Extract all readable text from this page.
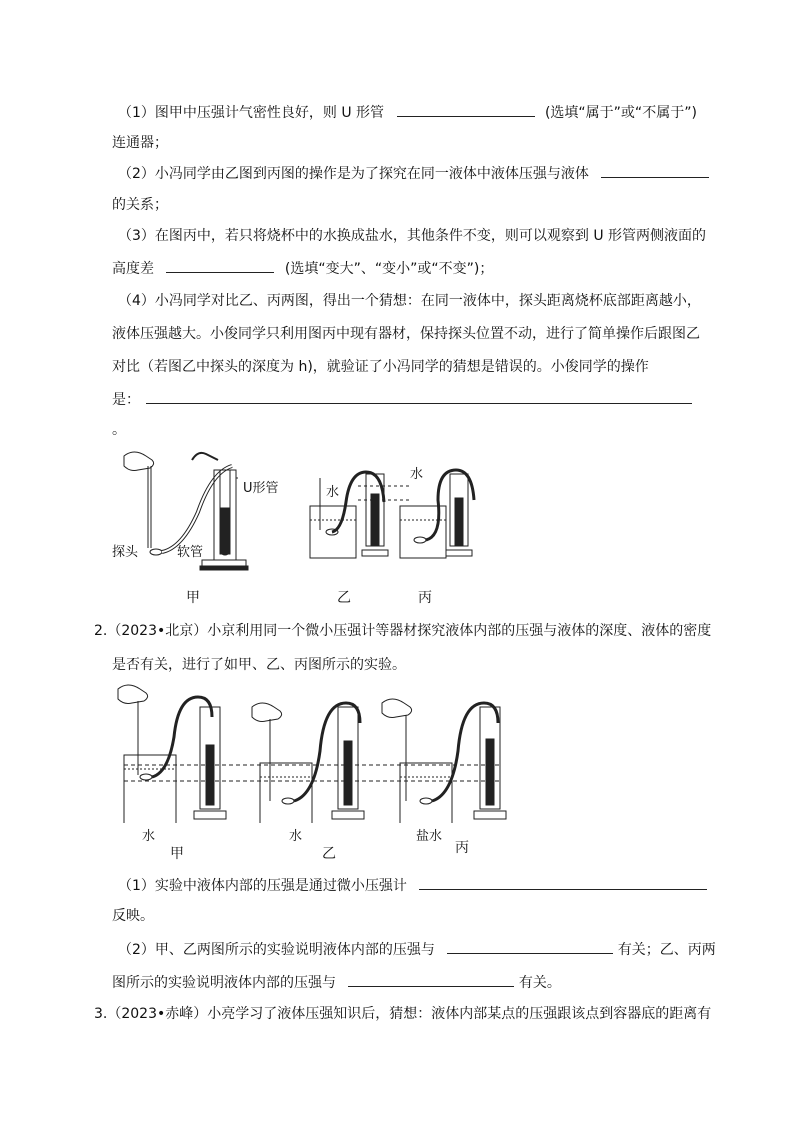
（1）图甲中压强计气密性良好，则 U 形管	(选填“属于”或“不属于”)
连通器；
（2）小冯同学由乙图到丙图的操作是为了探究在同一液体中液体压强与液体
的关系；
（3）在图丙中，若只将烧杯中的水换成盐水，其他条件不变，则可以观察到 U 形管两侧液面的
高度差	(选填“变大”、“变小”或“不变”)；
（4）小冯同学对比乙、丙两图，得出一个猜想：在同一液体中，探头距离烧杯底部距离越小，
液体压强越大。小俊同学只利用图丙中现有器材，保持探头位置不动，进行了简单操作后跟图乙
对比（若图乙中探头的深度为 h)，就验证了小冯同学的猜想是错误的。小俊同学的操作
是：
。
U形管
探头	软管
水
水
甲	乙	丙
2.（2023•北京）小京利用同一个微小压强计等器材探究液体内部的压强与液体的深度、液体的密度
是否有关，进行了如甲、乙、丙图所示的实验。
水	水	盐水
甲	乙	丙
（1）实验中液体内部的压强是通过微小压强计
反映。
（2）甲、乙两图所示的实验说明液体内部的压强与	有关；乙、丙两
图所示的实验说明液体内部的压强与	有关。
3.（2023•赤峰）小亮学习了液体压强知识后，猜想：液体内部某点的压强跟该点到容器底的距离有
